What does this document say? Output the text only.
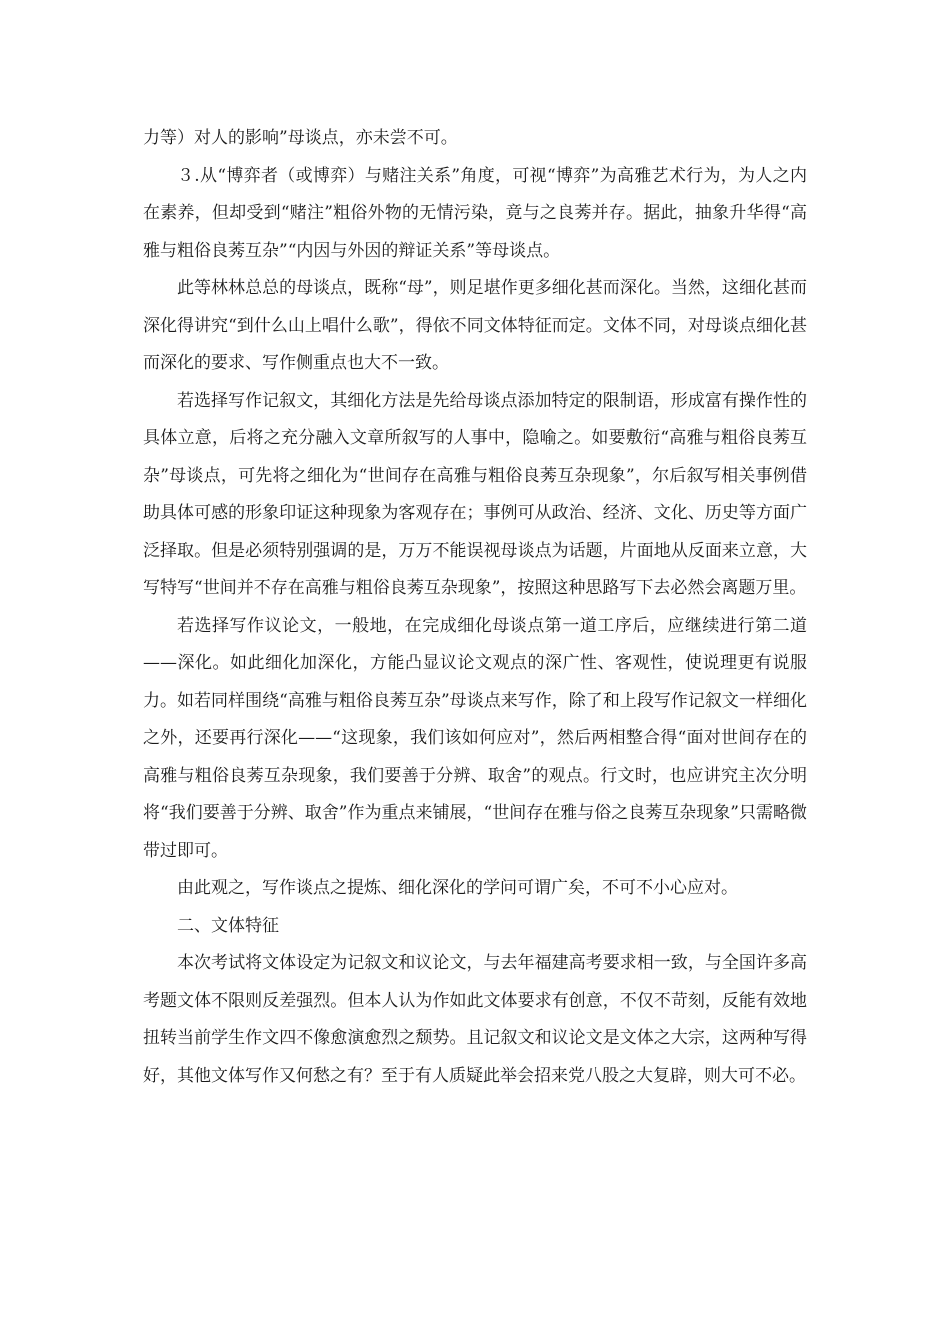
力等）对人的影响”母谈点，亦未尝不可。

３.从“博弈者（或博弈）与赌注关系”角度，可视“博弈”为高雅艺术行为，为人之内在素养，但却受到“赌注”粗俗外物的无情污染，竟与之良莠并存。据此，抽象升华得“高雅与粗俗良莠互杂”“内因与外因的辩证关系”等母谈点。

此等林林总总的母谈点，既称“母”，则足堪作更多细化甚而深化。当然，这细化甚而深化得讲究“到什么山上唱什么歌”，得依不同文体特征而定。文体不同，对母谈点细化甚而深化的要求、写作侧重点也大不一致。

若选择写作记叙文，其细化方法是先给母谈点添加特定的限制语，形成富有操作性的具体立意，后将之充分融入文章所叙写的人事中，隐喻之。如要敷衍“高雅与粗俗良莠互杂”母谈点，可先将之细化为“世间存在高雅与粗俗良莠互杂现象”，尔后叙写相关事例借助具体可感的形象印证这种现象为客观存在；事例可从政治、经济、文化、历史等方面广泛择取。但是必须特别强调的是，万万不能误视母谈点为话题，片面地从反面来立意，大写特写“世间并不存在高雅与粗俗良莠互杂现象”，按照这种思路写下去必然会离题万里。

若选择写作议论文，一般地，在完成细化母谈点第一道工序后，应继续进行第二道——深化。如此细化加深化，方能凸显议论文观点的深广性、客观性，使说理更有说服力。如若同样围绕“高雅与粗俗良莠互杂”母谈点来写作，除了和上段写作记叙文一样细化之外，还要再行深化——“这现象，我们该如何应对”，然后两相整合得“面对世间存在的高雅与粗俗良莠互杂现象，我们要善于分辨、取舍”的观点。行文时，也应讲究主次分明将“我们要善于分辨、取舍”作为重点来铺展，“世间存在雅与俗之良莠互杂现象”只需略微带过即可。

由此观之，写作谈点之提炼、细化深化的学问可谓广矣，不可不小心应对。

二、文体特征

本次考试将文体设定为记叙文和议论文，与去年福建高考要求相一致，与全国许多高考题文体不限则反差强烈。但本人认为作如此文体要求有创意，不仅不苛刻，反能有效地扭转当前学生作文四不像愈演愈烈之颓势。且记叙文和议论文是文体之大宗，这两种写得好，其他文体写作又何愁之有？至于有人质疑此举会招来党八股之大复辟，则大可不必。
